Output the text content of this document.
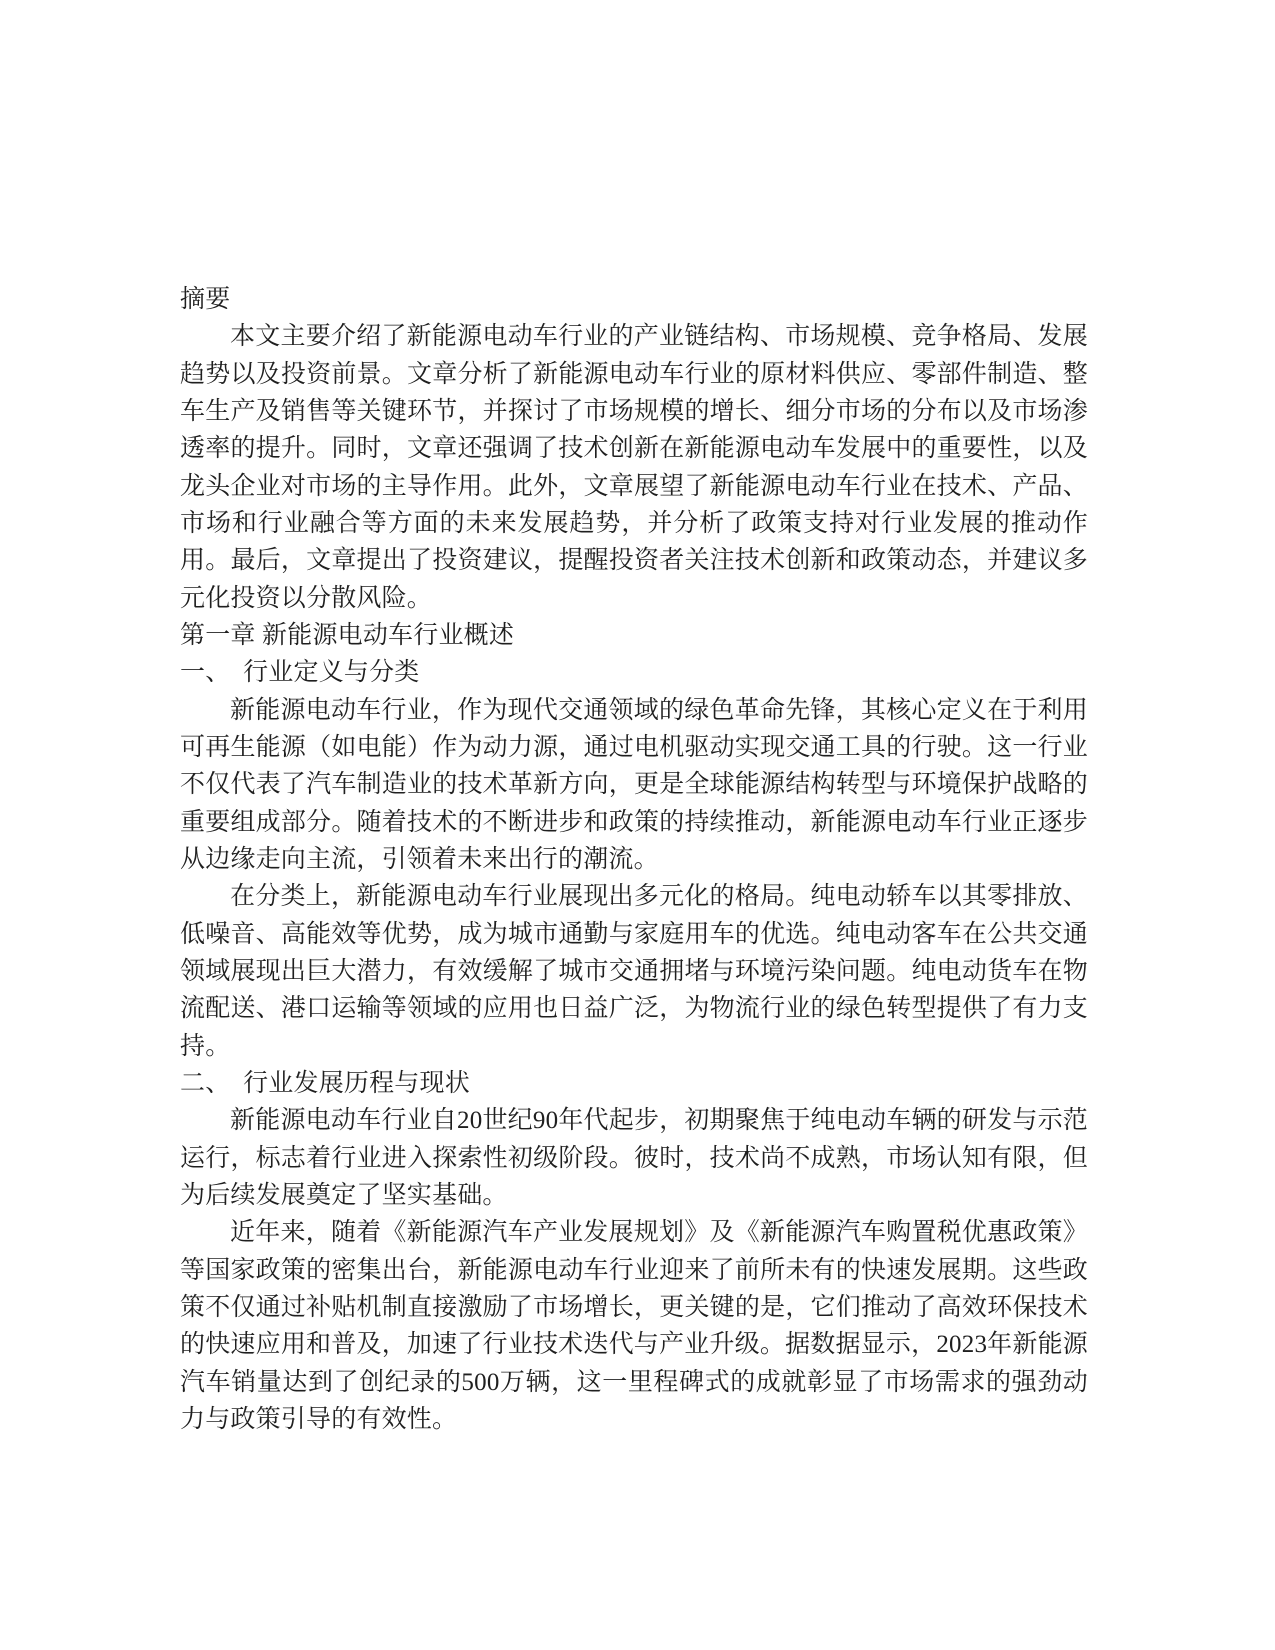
摘要

本文主要介绍了新能源电动车行业的产业链结构、市场规模、竞争格局、发展趋势以及投资前景。文章分析了新能源电动车行业的原材料供应、零部件制造、整车生产及销售等关键环节，并探讨了市场规模的增长、细分市场的分布以及市场渗透率的提升。同时，文章还强调了技术创新在新能源电动车发展中的重要性，以及龙头企业对市场的主导作用。此外，文章展望了新能源电动车行业在技术、产品、市场和行业融合等方面的未来发展趋势，并分析了政策支持对行业发展的推动作用。最后，文章提出了投资建议，提醒投资者关注技术创新和政策动态，并建议多元化投资以分散风险。

第一章 新能源电动车行业概述

一、　行业定义与分类

新能源电动车行业，作为现代交通领域的绿色革命先锋，其核心定义在于利用可再生能源（如电能）作为动力源，通过电机驱动实现交通工具的行驶。这一行业不仅代表了汽车制造业的技术革新方向，更是全球能源结构转型与环境保护战略的重要组成部分。随着技术的不断进步和政策的持续推动，新能源电动车行业正逐步从边缘走向主流，引领着未来出行的潮流。

在分类上，新能源电动车行业展现出多元化的格局。纯电动轿车以其零排放、低噪音、高能效等优势，成为城市通勤与家庭用车的优选。纯电动客车在公共交通领域展现出巨大潜力，有效缓解了城市交通拥堵与环境污染问题。纯电动货车在物流配送、港口运输等领域的应用也日益广泛，为物流行业的绿色转型提供了有力支持。

二、　行业发展历程与现状

新能源电动车行业自20世纪90年代起步，初期聚焦于纯电动车辆的研发与示范运行，标志着行业进入探索性初级阶段。彼时，技术尚不成熟，市场认知有限，但为后续发展奠定了坚实基础。

近年来，随着《新能源汽车产业发展规划》及《新能源汽车购置税优惠政策》等国家政策的密集出台，新能源电动车行业迎来了前所未有的快速发展期。这些政策不仅通过补贴机制直接激励了市场增长，更关键的是，它们推动了高效环保技术的快速应用和普及，加速了行业技术迭代与产业升级。据数据显示，2023年新能源汽车销量达到了创纪录的500万辆，这一里程碑式的成就彰显了市场需求的强劲动力与政策引导的有效性。
